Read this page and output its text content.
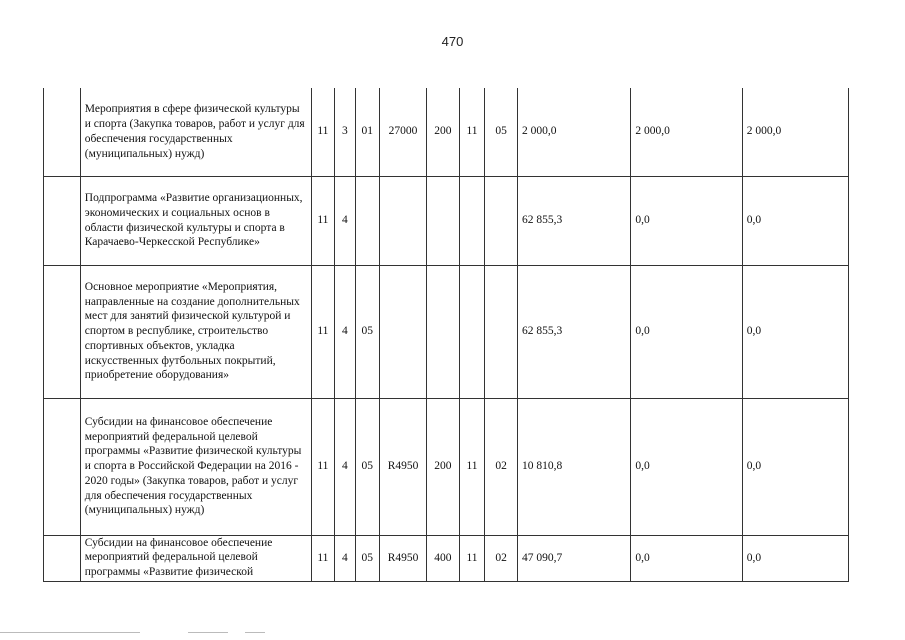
470
	Мероприятия в сфере физической культуры и спорта (Закупка товаров, работ и услуг для обеспечения государственных (муниципальных) нужд)	11	3	01	27000	200	11	05	2 000,0	2 000,0	2 000,0
	Подпрограмма «Развитие организационных, экономических и социальных основ в области физической культуры и спорта в Карачаево-Черкесской Республике»	11	4						62 855,3	0,0	0,0
	Основное мероприятие «Мероприятия, направленные на создание дополнительных мест для занятий физической культурой и спортом в республике, строительство спортивных объектов, укладка искусственных футбольных покрытий, приобретение оборудования»	11	4	05					62 855,3	0,0	0,0
	Субсидии на финансовое обеспечение мероприятий федеральной целевой программы «Развитие физической культуры и спорта в Российской Федерации на 2016 - 2020 годы» (Закупка товаров, работ и услуг для обеспечения государственных (муниципальных) нужд)	11	4	05	R4950	200	11	02	10 810,8	0,0	0,0
	Субсидии на финансовое обеспечение мероприятий федеральной целевой программы «Развитие физической	11	4	05	R4950	400	11	02	47 090,7	0,0	0,0
